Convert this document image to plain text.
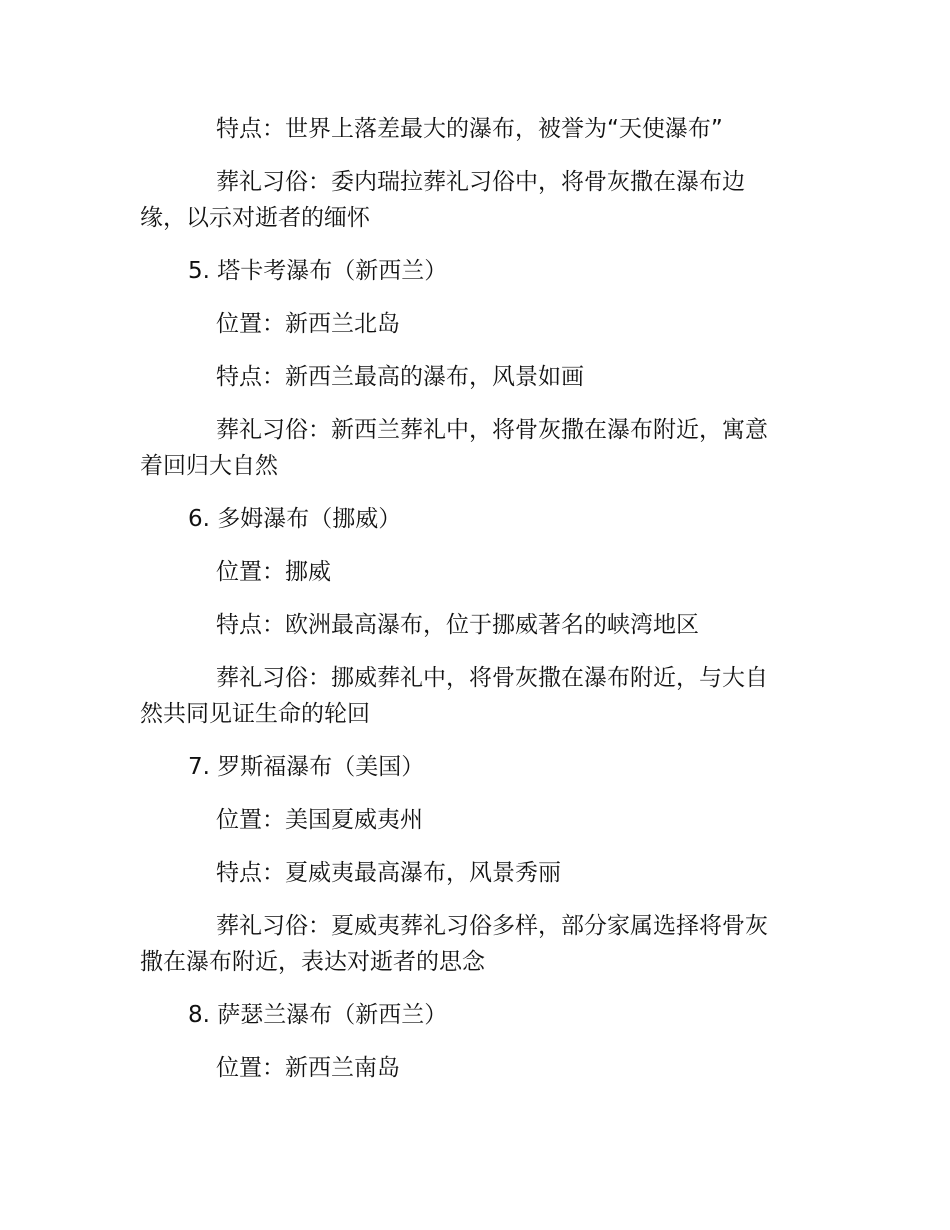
特点：世界上落差最大的瀑布，被誉为“天使瀑布”

葬礼习俗：委内瑞拉葬礼习俗中，将骨灰撒在瀑布边缘，以示对逝者的缅怀

5. 塔卡考瀑布（新西兰）

位置：新西兰北岛

特点：新西兰最高的瀑布，风景如画

葬礼习俗：新西兰葬礼中，将骨灰撒在瀑布附近，寓意着回归大自然

6. 多姆瀑布（挪威）

位置：挪威

特点：欧洲最高瀑布，位于挪威著名的峡湾地区

葬礼习俗：挪威葬礼中，将骨灰撒在瀑布附近，与大自然共同见证生命的轮回

7. 罗斯福瀑布（美国）

位置：美国夏威夷州

特点：夏威夷最高瀑布，风景秀丽

葬礼习俗：夏威夷葬礼习俗多样，部分家属选择将骨灰撒在瀑布附近，表达对逝者的思念

8. 萨瑟兰瀑布（新西兰）

位置：新西兰南岛
